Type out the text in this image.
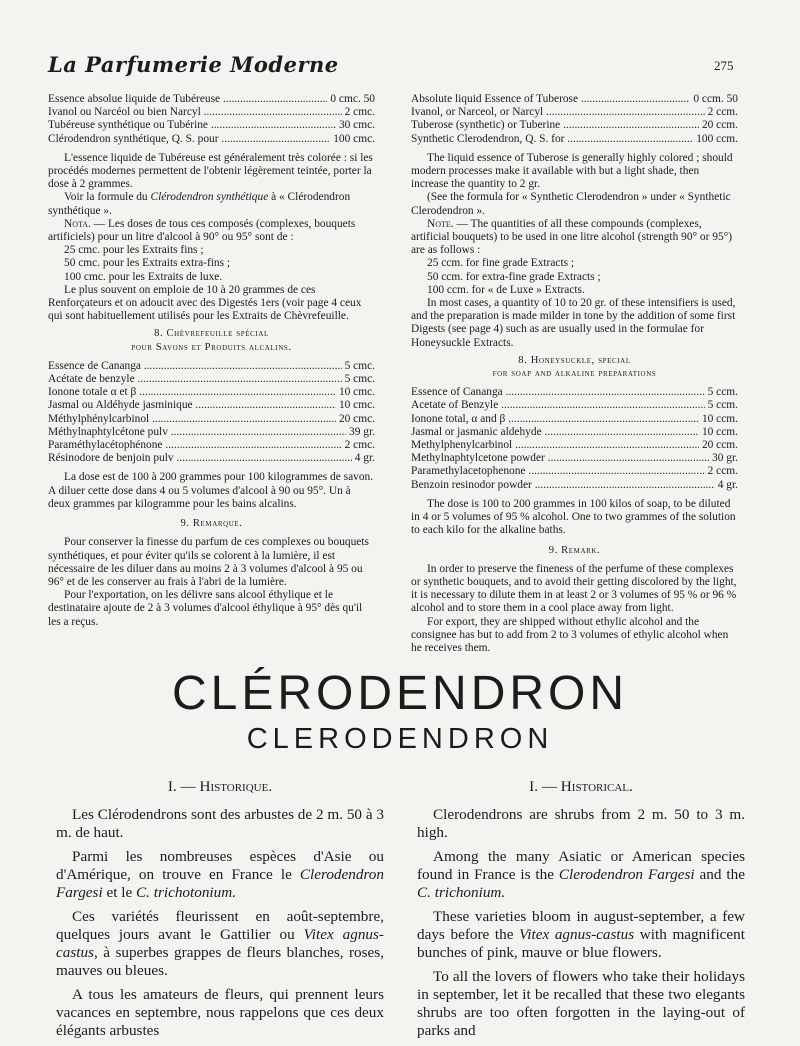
La Parfumerie Moderne	275
Essence absolue liquide de Tubéreuse .....	0 cmc. 50
Ivanol ou Narcéol ou bien Narcyl .....	2 cmc.
Tubéreuse synthétique ou Tubérine .....	30 cmc.
Clérodendron synthétique, Q. S. pour .....	100 cmc.

L'essence liquide de Tubéreuse est généralement très colorée : si les procédés modernes permettent de l'obtenir légèrement teintée, porter la dose à 2 grammes.

Voir la formule du Clérodendron synthétique à « Clérodendron synthétique ».

Nota. — Les doses de tous ces composés (complexes, bouquets artificiels) pour un litre d'alcool à 90° ou 95° sont de :

25 cmc. pour les Extraits fins ;

50 cmc. pour les Extraits extra-fins ;

100 cmc. pour les Extraits de luxe.

Le plus souvent on emploie de 10 à 20 grammes de ces Renforçateurs et on adoucit avec des Digestés 1ers (voir page 4 ceux qui sont habituellement utilisés pour les Extraits de Chèvrefeuille.

8. Chèvrefeuille spécial

pour Savons et Produits alcalins.

Essence de Cananga .....	5 cmc.
Acétate de benzyle .....	5 cmc.
Ionone totale α et β .....	10 cmc.
Jasmal ou Aldéhyde jasminique .....	10 cmc.
Méthylphénylcarbinol .....	20 cmc.
Méthylnaphtylcétone pulv .....	39 gr.
Paraméthylacétophénone .....	2 cmc.
Résinodore de benjoin pulv .....	4 gr.

La dose est de 100 à 200 grammes pour 100 kilogrammes de savon. A diluer cette dose dans 4 ou 5 volumes d'alcool à 90 ou 95°. Un à deux grammes par kilogramme pour les bains alcalins.

9. Remarque.

Pour conserver la finesse du parfum de ces complexes ou bouquets synthétiques, et pour éviter qu'ils se colorent à la lumière, il est nécessaire de les diluer dans au moins 2 à 3 volumes d'alcool à 95 ou 96° et de les conserver au frais à l'abri de la lumière.

Pour l'exportation, on les délivre sans alcool éthylique et le destinataire ajoute de 2 à 3 volumes d'alcool éthylique à 95° dès qu'il les a reçus.

Absolute liquid Essence of Tuberose .....	0 ccm. 50
Ivanol, or Narceol, or Narcyl .....	2 ccm.
Tuberose (synthetic) or Tuberine .....	20 ccm.
Synthetic Clerodendron, Q. S. for .....	100 ccm.

The liquid essence of Tuberose is generally highly colored ; should modern processes make it available with but a light shade, then increase the quantity to 2 gr.

(See the formula for « Synthetic Clerodendron » under « Synthetic Clerodendron ».

Note. — The quantities of all these compounds (complexes, artificial bouquets) to be used in one litre alcohol (strength 90° or 95°) are as follows :

25 ccm. for fine grade Extracts ;

50 ccm. for extra-fine grade Extracts ;

100 ccm. for « de Luxe » Extracts.

In most cases, a quantity of 10 to 20 gr. of these intensifiers is used, and the preparation is made milder in tone by the addition of some first Digests (see page 4) such as are usually used in the formulae for Honeysuckle Extracts.

8. Honeysuckle, special

for soap and alkaline preparations

Essence of Cananga .....	5 ccm.
Acetate of Benzyle .....	5 ccm.
Ionone total, α and β .....	10 ccm.
Jasmal or jasmanic aldehyde .....	10 ccm.
Methylphenylcarbinol .....	20 ccm.
Methylnaphtylcetone powder .....	30 gr.
Paramethylacetophenone .....	2 ccm.
Benzoin resinodor powder .....	4 gr.

The dose is 100 to 200 grammes in 100 kilos of soap, to be diluted in 4 or 5 volumes of 95 % alcohol. One to two grammes of the solution to each kilo for the alkaline baths.

9. Remark.

In order to preserve the fineness of the perfume of these complexes or synthetic bouquets, and to avoid their getting discolored by the light, it is necessary to dilute them in at least 2 or 3 volumes of 95 % or 96 % alcohol and to store them in a cool place away from light.

For export, they are shipped without ethylic alcohol and the consignee has but to add from 2 to 3 volumes of ethylic alcohol when he receives them.

CLÉRODENDRON
CLERODENDRON

I. — Historique.

Les Clérodendrons sont des arbustes de 2 m. 50 à 3 m. de haut.

Parmi les nombreuses espèces d'Asie ou d'Amérique, on trouve en France le Clerodendron Fargesi et le C. trichotonium.

Ces variétés fleurissent en août-septembre, quelques jours avant le Gattilier ou Vitex agnus-castus, à superbes grappes de fleurs blanches, roses, mauves ou bleues.

A tous les amateurs de fleurs, qui prennent leurs vacances en septembre, nous rappelons que ces deux élégants arbustes

I. — Historical.

Clerodendrons are shrubs from 2 m. 50 to 3 m. high.

Among the many Asiatic or American species found in France is the Clerodendron Fargesi and the C. trichonium.

These varieties bloom in august-september, a few days before the Vitex agnus-castus with magnificent bunches of pink, mauve or blue flowers.

To all the lovers of flowers who take their holidays in september, let it be recalled that these two elegants shrubs are too often forgotten in the laying-out of parks and
